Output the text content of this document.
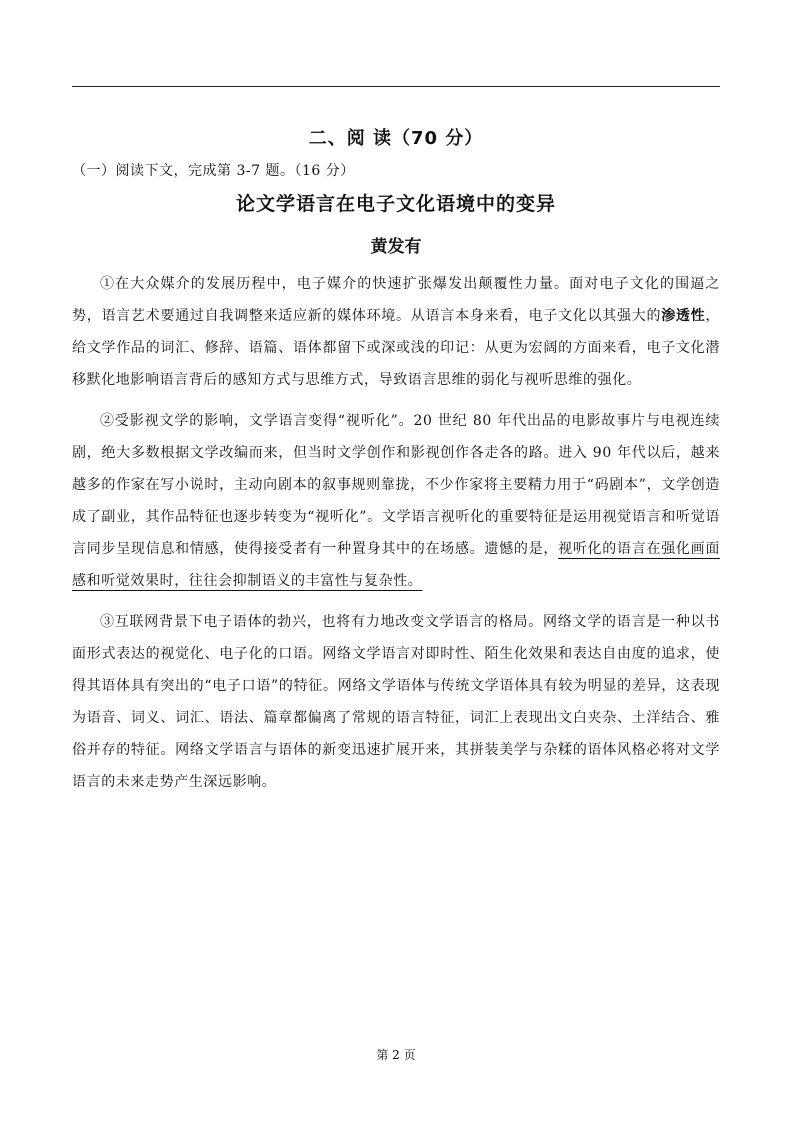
二、阅 读（70 分）
（一）阅读下文，完成第 3-7 题。（16 分）
论文学语言在电子文化语境中的变异
黄发有

①在大众媒介的发展历程中，电子媒介的快速扩张爆发出颠覆性力量。面对电子文化的围逼之势，语言艺术要通过自我调整来适应新的媒体环境。从语言本身来看，电子文化以其强大的渗透性，给文学作品的词汇、修辞、语篇、语体都留下或深或浅的印记：从更为宏阔的方面来看，电子文化潜移默化地影响语言背后的感知方式与思维方式，导致语言思维的弱化与视听思维的强化。

②受影视文学的影响，文学语言变得“视听化”。20 世纪 80 年代出品的电影故事片与电视连续剧，绝大多数根据文学改编而来，但当时文学创作和影视创作各走各的路。进入 90 年代以后，越来越多的作家在写小说时，主动向剧本的叙事规则靠拢，不少作家将主要精力用于“码剧本”，文学创造成了副业，其作品特征也逐步转变为“视听化”。文学语言视听化的重要特征是运用视觉语言和听觉语言同步呈现信息和情感，使得接受者有一种置身其中的在场感。遗憾的是，视听化的语言在强化画面感和听觉效果时，往往会抑制语义的丰富性与复杂性。

③互联网背景下电子语体的勃兴，也将有力地改变文学语言的格局。网络文学的语言是一种以书面形式表达的视觉化、电子化的口语。网络文学语言对即时性、陌生化效果和表达自由度的追求，使得其语体具有突出的“电子口语”的特征。网络文学语体与传统文学语体具有较为明显的差异，这表现为语音、词义、词汇、语法、篇章都偏离了常规的语言特征，词汇上表现出文白夹杂、土洋结合、雅俗并存的特征。网络文学语言与语体的新变迅速扩展开来，其拼装美学与杂糅的语体风格必将对文学语言的未来走势产生深远影响。

第 2 页
